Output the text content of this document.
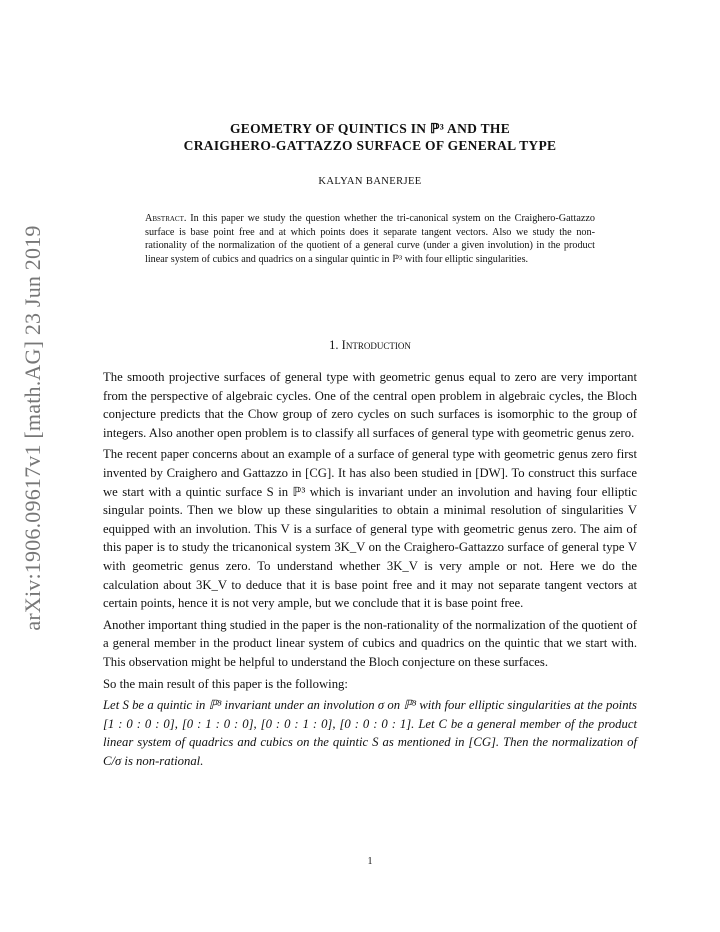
arXiv:1906.09617v1 [math.AG] 23 Jun 2019
GEOMETRY OF QUINTICS IN ℙ³ AND THE
CRAIGHERO-GATTAZZO SURFACE OF GENERAL TYPE
KALYAN BANERJEE
Abstract. In this paper we study the question whether the tri-canonical system on the Craighero-Gattazzo surface is base point free and at which points does it separate tangent vectors. Also we study the non-rationality of the normalization of the quotient of a general curve (under a given involution) in the product linear system of cubics and quadrics on a singular quintic in ℙ³ with four elliptic singularities.
1. Introduction

The smooth projective surfaces of general type with geometric genus equal to zero are very important from the perspective of algebraic cycles. One of the central open problem in algebraic cycles, the Bloch conjecture predicts that the Chow group of zero cycles on such surfaces is isomorphic to the group of integers. Also another open problem is to classify all surfaces of general type with geometric genus zero.

The recent paper concerns about an example of a surface of general type with geometric genus zero first invented by Craighero and Gattazzo in [CG]. It has also been studied in [DW]. To construct this surface we start with a quintic surface S in ℙ³ which is invariant under an involution and having four elliptic singular points. Then we blow up these singularities to obtain a minimal resolution of singularities V equipped with an involution. This V is a surface of general type with geometric genus zero. The aim of this paper is to study the tricanonical system 3K_V on the Craighero-Gattazzo surface of general type V with geometric genus zero. To understand whether 3K_V is very ample or not. Here we do the calculation about 3K_V to deduce that it is base point free and it may not separate tangent vectors at certain points, hence it is not very ample, but we conclude that it is base point free.

Another important thing studied in the paper is the non-rationality of the normalization of the quotient of a general member in the product linear system of cubics and quadrics on the quintic that we start with. This observation might be helpful to understand the Bloch conjecture on these surfaces.

So the main result of this paper is the following:

Let S be a quintic in ℙ³ invariant under an involution σ on ℙ³ with four elliptic singularities at the points [1 : 0 : 0 : 0], [0 : 1 : 0 : 0], [0 : 0 : 1 : 0], [0 : 0 : 0 : 1]. Let C be a general member of the product linear system of quadrics and cubics on the quintic S as mentioned in [CG]. Then the normalization of C/σ is non-rational.

1
